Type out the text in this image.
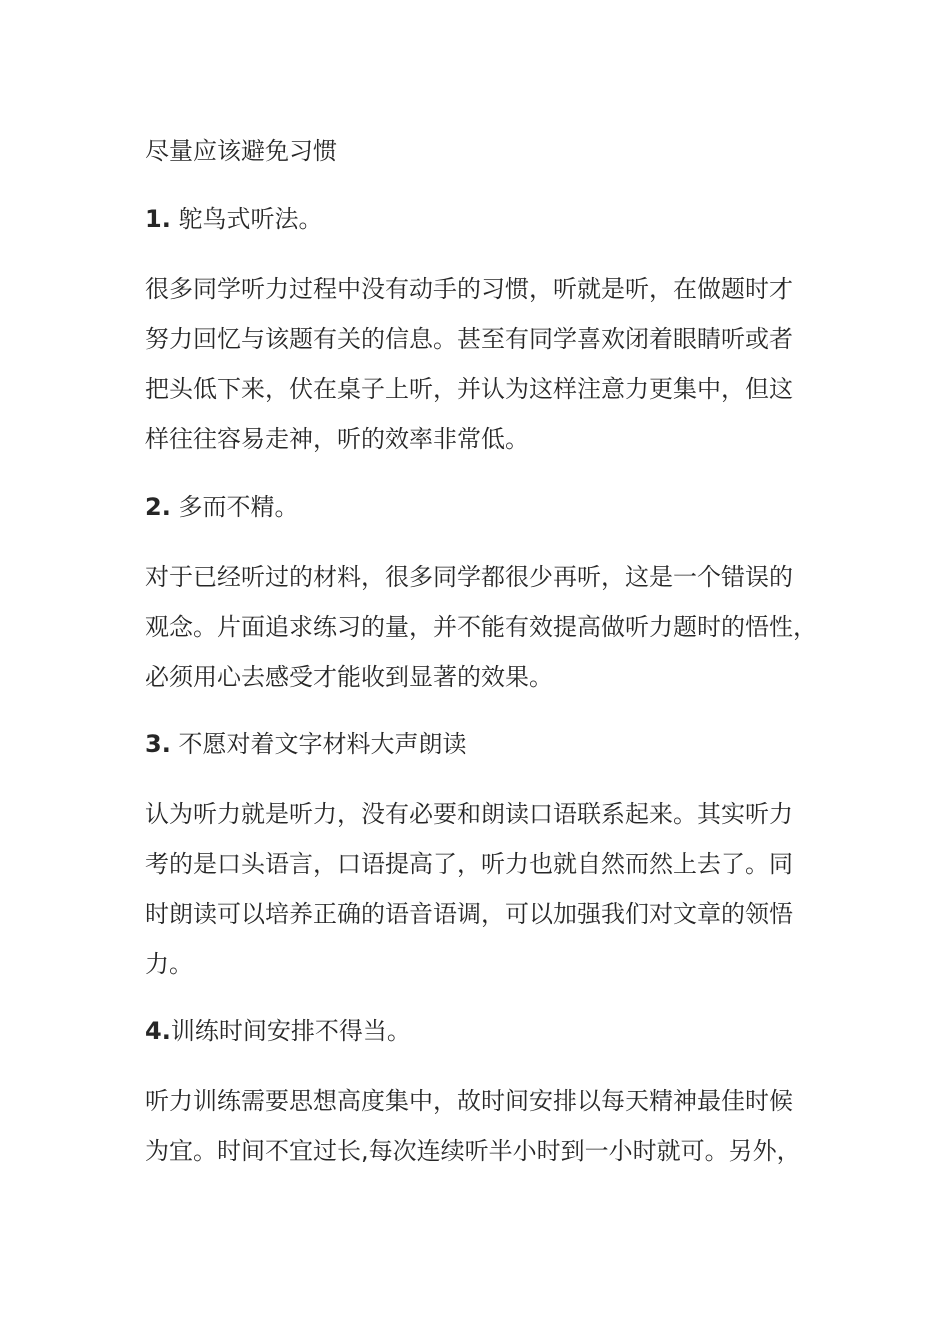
尽量应该避免习惯
1. 鸵鸟式听法。
很多同学听力过程中没有动手的习惯，听就是听，在做题时才
努力回忆与该题有关的信息。甚至有同学喜欢闭着眼睛听或者
把头低下来，伏在桌子上听，并认为这样注意力更集中，但这
样往往容易走神，听的效率非常低。
2. 多而不精。
对于已经听过的材料，很多同学都很少再听，这是一个错误的
观念。片面追求练习的量，并不能有效提高做听力题时的悟性，
必须用心去感受才能收到显著的效果。
3. 不愿对着文字材料大声朗读
认为听力就是听力，没有必要和朗读口语联系起来。其实听力
考的是口头语言，口语提高了，听力也就自然而然上去了。同
时朗读可以培养正确的语音语调，可以加强我们对文章的领悟
力。
4.训练时间安排不得当。
听力训练需要思想高度集中，故时间安排以每天精神最佳时候
为宜。时间不宜过长,每次连续听半小时到一小时就可。另外，
